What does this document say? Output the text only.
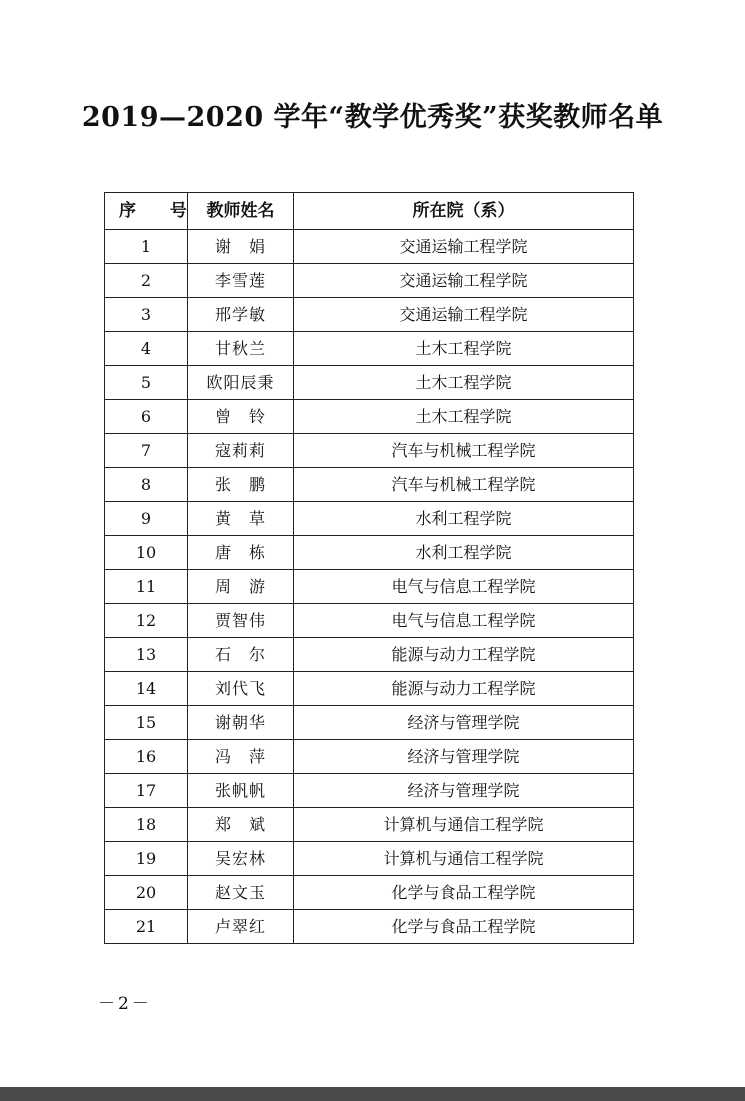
2019—2020 学年“教学优秀奖”获奖教师名单
序 号	教师姓名	所在院（系）
1	谢　娟	交通运输工程学院
2	李雪莲	交通运输工程学院
3	邢学敏	交通运输工程学院
4	甘秋兰	土木工程学院
5	欧阳辰秉	土木工程学院
6	曾　铃	土木工程学院
7	寇莉莉	汽车与机械工程学院
8	张　鹏	汽车与机械工程学院
9	黄　草	水利工程学院
10	唐　栋	水利工程学院
11	周　游	电气与信息工程学院
12	贾智伟	电气与信息工程学院
13	石　尔	能源与动力工程学院
14	刘代飞	能源与动力工程学院
15	谢朝华	经济与管理学院
16	冯　萍	经济与管理学院
17	张帆帆	经济与管理学院
18	郑　斌	计算机与通信工程学院
19	吴宏林	计算机与通信工程学院
20	赵文玉	化学与食品工程学院
21	卢翠红	化学与食品工程学院
－2－
